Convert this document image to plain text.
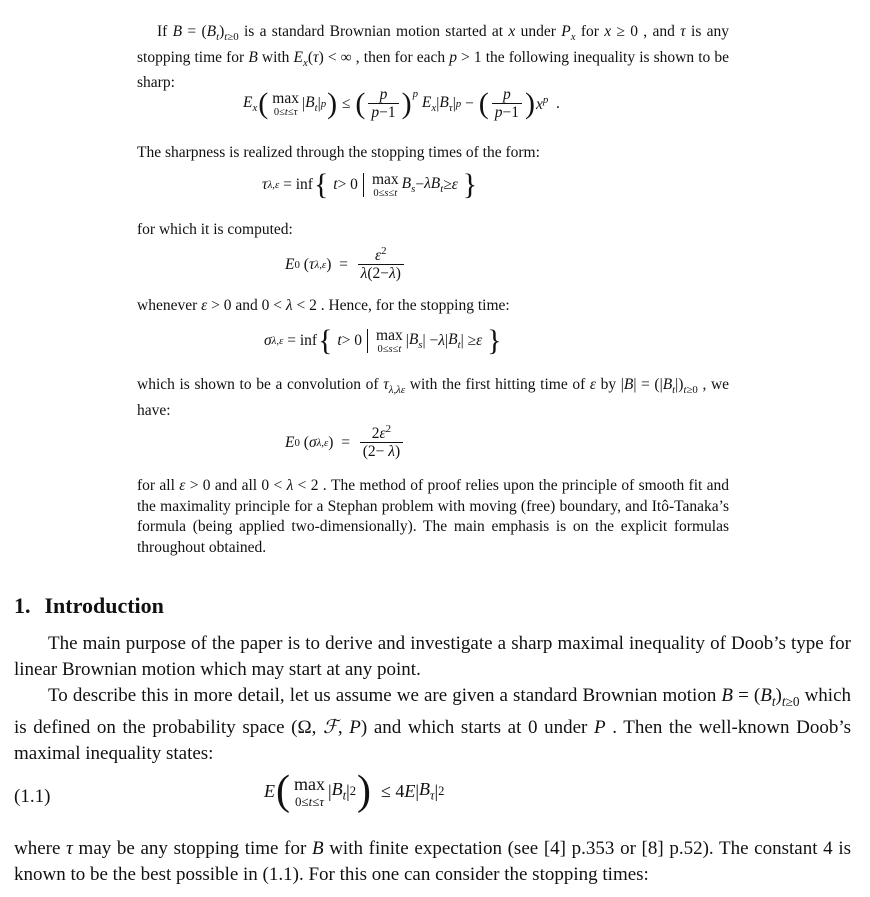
If $B = (B_t)_{t\ge 0}$ is a standard Brownian motion started at x under $P_x$ for x ≥ 0 , and τ is any stopping time for B with $E_x(\tau)$ < ∞ , then for each p > 1 the following inequality is shown to be sharp:
$E_x$ ( max
0≤t≤τ
| $B_t$ | p ) ≤ ( $\frac{p}{p-1}$ ) $^p$

$E_x$ | $B_\tau$ | p − ( $\frac{p}{p-1}$ ) $x^p$ .
The sharpness is realized through the stopping times of the form:
τ λ,ε = inf {
t > 0 max
0≤s≤t
$B_s - \lambda B_t \ge \varepsilon$
}
for which it is computed:
E 0 ( τ λ,ε )  = $\frac{\varepsilon^2}{\lambda(2-\lambda)}$
whenever ε > 0 and 0 < λ < 2 . Hence, for the stopping time:
σ λ,ε = inf {
t > 0 max
0≤s≤t
| $B_s$ | − λ | $B_t$ | ≥ ε
}
which is shown to be a convolution of $\tau_{\lambda,\lambda\varepsilon}$ with the first hitting time of ε by $|B| = (|B_t|)_{t\ge 0}$ , we have:
E 0 ( σ λ,ε )  = $\frac{2\varepsilon^2}{(2- \lambda)}$
for all ε > 0 and all 0 < λ < 2 . The method of proof relies upon the principle of smooth fit and the maximality principle for a Stephan problem with moving (free) boundary, and Itô-Tanaka’s formula (being applied two-dimensionally). The main emphasis is on the explicit formulas throughout obtained.
1. Introduction
The main purpose of the paper is to derive and investigate a sharp maximal inequality of Doob’s type for linear Brownian motion which may start at any point.
To describe this in more detail, let us assume we are given a standard Brownian motion $B = (B_t)_{t\ge 0}$ which is defined on the probability space (Ω, ℱ, P) and which starts at 0 under P . Then the well-known Doob’s maximal inequality states:
(1.1)	E ( max
0≤t≤τ
| $B_t$ | 2 ) ≤ 4 E | $B_\tau$ | 2
where τ may be any stopping time for B with finite expectation (see [4] p.353 or [8] p.52). The constant 4 is known to be the best possible in (1.1). For this one can consider the stopping times:
